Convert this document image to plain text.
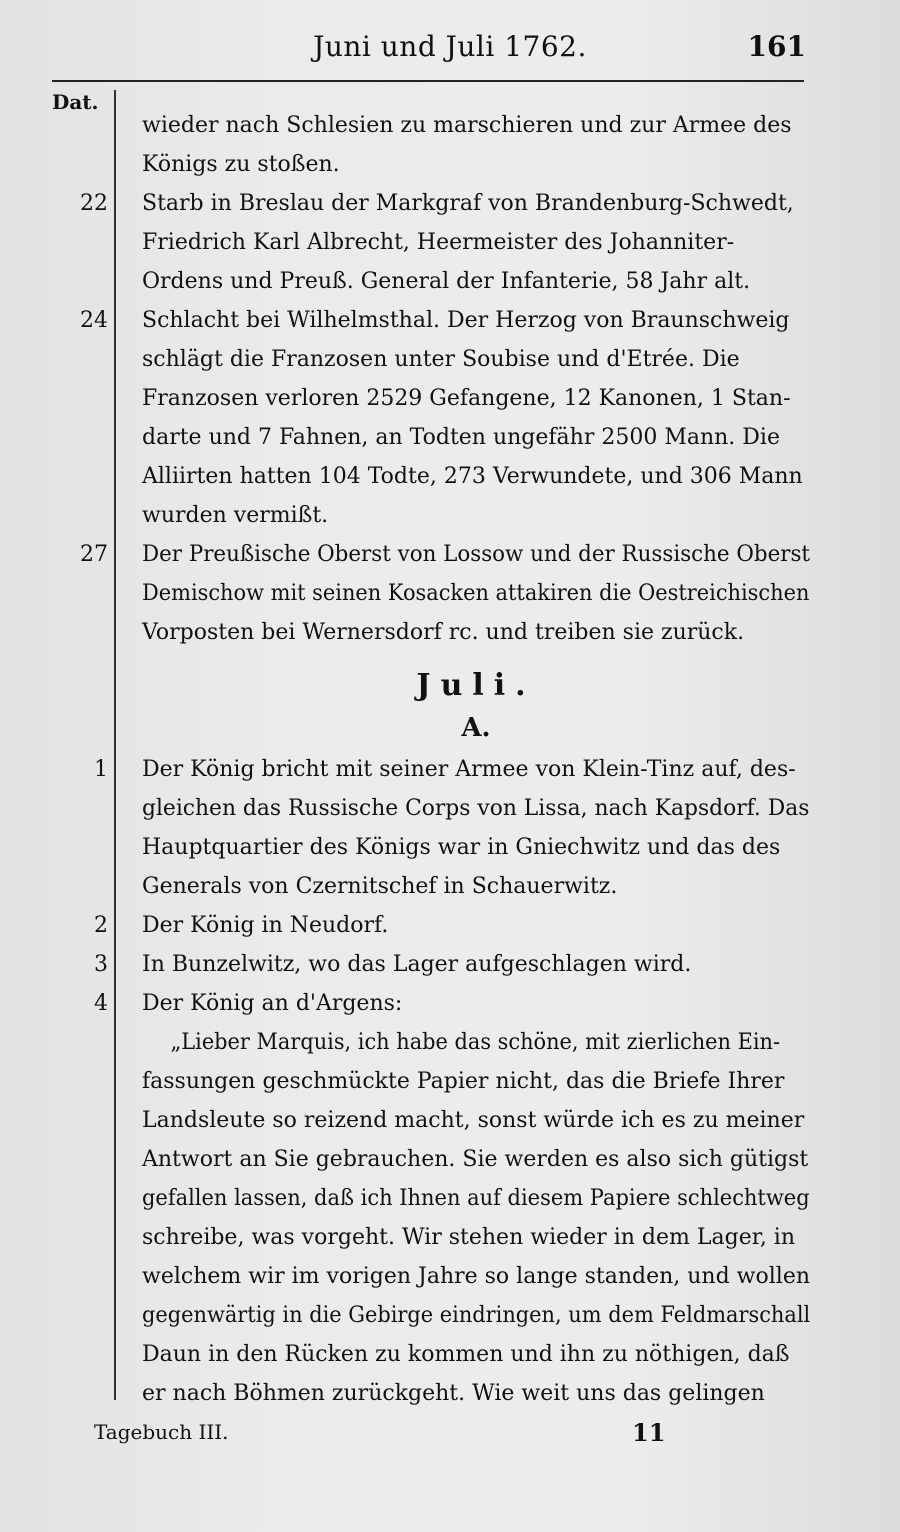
Juni und Juli 1762.	161
Dat.
wieder nach Schlesien zu marschieren und zur Armee des
Königs zu stoßen.
22 Starb in Breslau der Markgraf von Brandenburg-Schwedt,
Friedrich Karl Albrecht, Heermeister des Johanniter-
Ordens und Preuß. General der Infanterie, 58 Jahr alt.
24 Schlacht bei Wilhelmsthal. Der Herzog von Braunschweig
schlägt die Franzosen unter Soubise und d'Etrée. Die
Franzosen verloren 2529 Gefangene, 12 Kanonen, 1 Stan-
darte und 7 Fahnen, an Todten ungefähr 2500 Mann. Die
Alliirten hatten 104 Todte, 273 Verwundete, und 306 Mann
wurden vermißt.
27 Der Preußische Oberst von Lossow und der Russische Oberst
Demischow mit seinen Kosacken attakiren die Oestreichischen
Vorposten bei Wernersdorf rc. und treiben sie zurück.
Juli.
A.
1 Der König bricht mit seiner Armee von Klein-Tinz auf, des-
gleichen das Russische Corps von Lissa, nach Kapsdorf. Das
Hauptquartier des Königs war in Gniechwitz und das des
Generals von Czernitschef in Schauerwitz.
2 Der König in Neudorf.
3 In Bunzelwitz, wo das Lager aufgeschlagen wird.
4 Der König an d'Argens:
„Lieber Marquis, ich habe das schöne, mit zierlichen Ein-
fassungen geschmückte Papier nicht, das die Briefe Ihrer
Landsleute so reizend macht, sonst würde ich es zu meiner
Antwort an Sie gebrauchen. Sie werden es also sich gütigst
gefallen lassen, daß ich Ihnen auf diesem Papiere schlechtweg
schreibe, was vorgeht. Wir stehen wieder in dem Lager, in
welchem wir im vorigen Jahre so lange standen, und wollen
gegenwärtig in die Gebirge eindringen, um dem Feldmarschall
Daun in den Rücken zu kommen und ihn zu nöthigen, daß
er nach Böhmen zurückgeht. Wie weit uns das gelingen
Tagebuch III.	11
